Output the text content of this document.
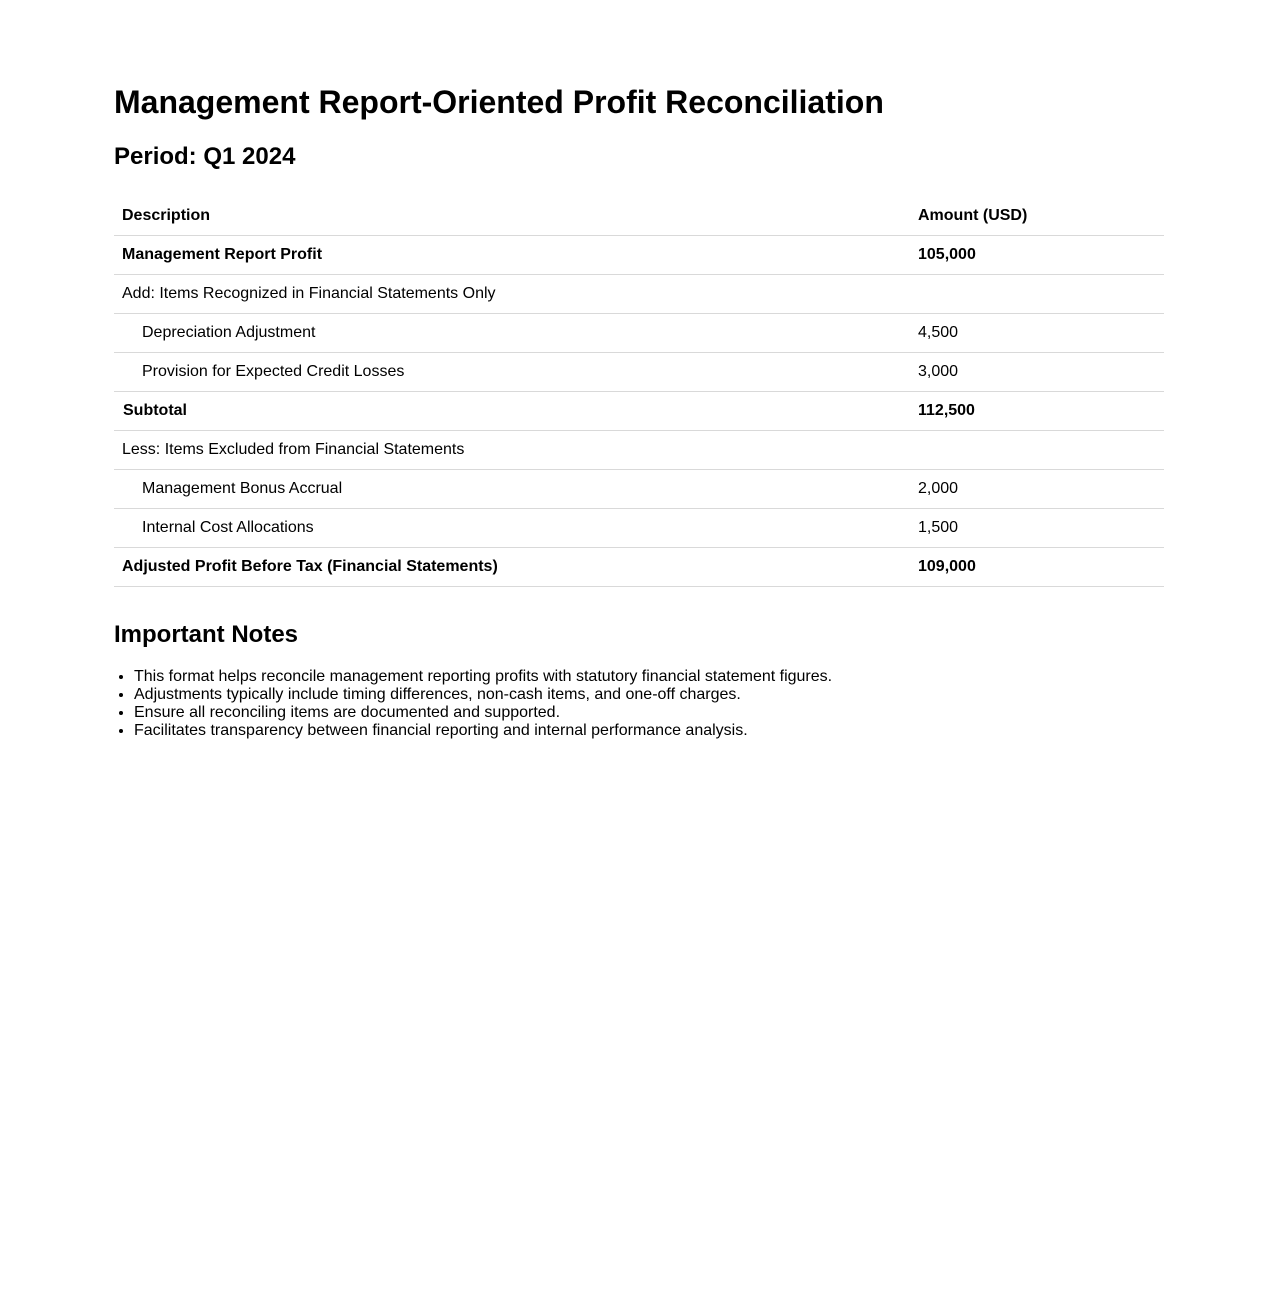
Management Report-Oriented Profit Reconciliation
Period: Q1 2024
Description	Amount (USD)
Management Report Profit	105,000
Add: Items Recognized in Financial Statements Only	
Depreciation Adjustment	4,500
Provision for Expected Credit Losses	3,000
Subtotal	112,500
Less: Items Excluded from Financial Statements	
Management Bonus Accrual	2,000
Internal Cost Allocations	1,500
Adjusted Profit Before Tax (Financial Statements)	109,000
Important Notes
• This format helps reconcile management reporting profits with statutory financial statement figures.
• Adjustments typically include timing differences, non-cash items, and one-off charges.
• Ensure all reconciling items are documented and supported.
• Facilitates transparency between financial reporting and internal performance analysis.
